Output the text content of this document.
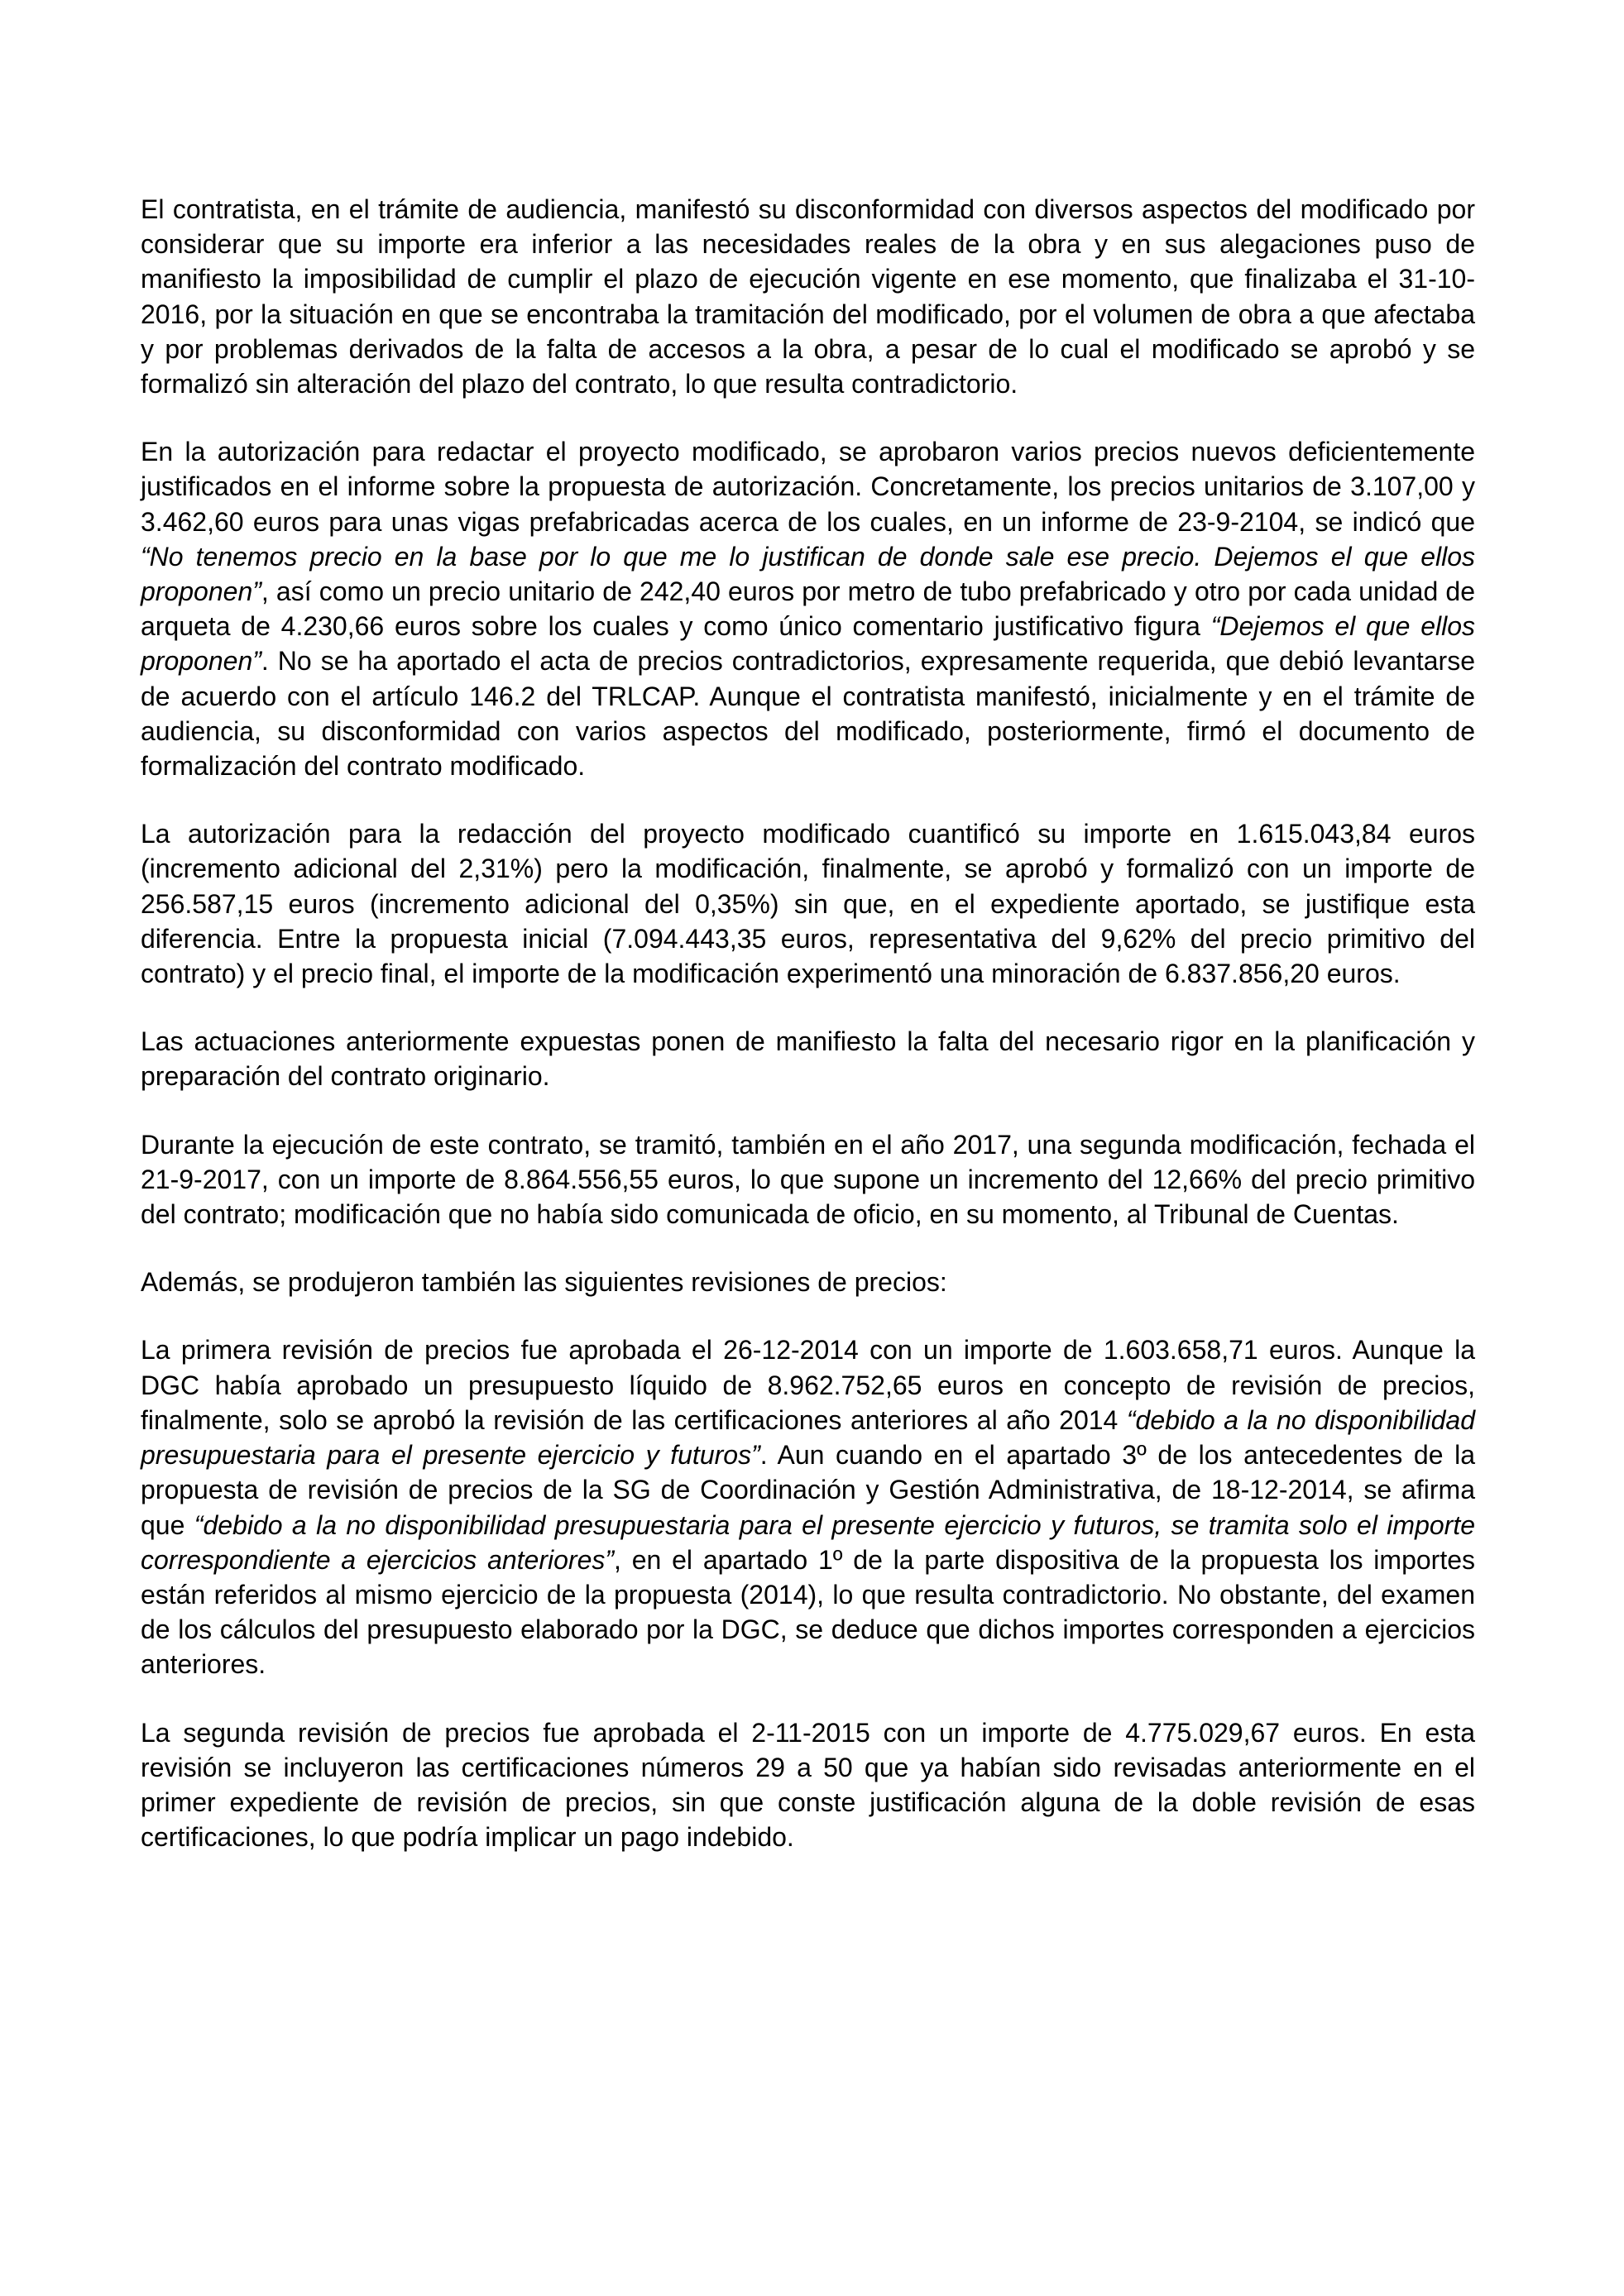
El contratista, en el trámite de audiencia, manifestó su disconformidad con diversos aspectos del modificado por considerar que su importe era inferior a las necesidades reales de la obra y en sus alegaciones puso de manifiesto la imposibilidad de cumplir el plazo de ejecución vigente en ese momento, que finalizaba el 31-10-2016, por la situación en que se encontraba la tramitación del modificado, por el volumen de obra a que afectaba y por problemas derivados de la falta de accesos a la obra, a pesar de lo cual el modificado se aprobó y se formalizó sin alteración del plazo del contrato, lo que resulta contradictorio.

En la autorización para redactar el proyecto modificado, se aprobaron varios precios nuevos deficientemente justificados en el informe sobre la propuesta de autorización. Concretamente, los precios unitarios de 3.107,00 y 3.462,60 euros para unas vigas prefabricadas acerca de los cuales, en un informe de 23-9-2104, se indicó que “No tenemos precio en la base por lo que me lo justifican de donde sale ese precio. Dejemos el que ellos proponen”, así como un precio unitario de 242,40 euros por metro de tubo prefabricado y otro por cada unidad de arqueta de 4.230,66 euros sobre los cuales y como único comentario justificativo figura “Dejemos el que ellos proponen”. No se ha aportado el acta de precios contradictorios, expresamente requerida, que debió levantarse de acuerdo con el artículo 146.2 del TRLCAP. Aunque el contratista manifestó, inicialmente y en el trámite de audiencia, su disconformidad con varios aspectos del modificado, posteriormente, firmó el documento de formalización del contrato modificado.

La autorización para la redacción del proyecto modificado cuantificó su importe en 1.615.043,84 euros (incremento adicional del 2,31%) pero la modificación, finalmente, se aprobó y formalizó con un importe de 256.587,15 euros (incremento adicional del 0,35%) sin que, en el expediente aportado, se justifique esta diferencia. Entre la propuesta inicial (7.094.443,35 euros, representativa del 9,62% del precio primitivo del contrato) y el precio final, el importe de la modificación experimentó una minoración de 6.837.856,20 euros.

Las actuaciones anteriormente expuestas ponen de manifiesto la falta del necesario rigor en la planificación y preparación del contrato originario.

Durante la ejecución de este contrato, se tramitó, también en el año 2017, una segunda modificación, fechada el 21-9-2017, con un importe de 8.864.556,55 euros, lo que supone un incremento del 12,66% del precio primitivo del contrato; modificación que no había sido comunicada de oficio, en su momento, al Tribunal de Cuentas.

Además, se produjeron también las siguientes revisiones de precios:

La primera revisión de precios fue aprobada el 26-12-2014 con un importe de 1.603.658,71 euros. Aunque la DGC había aprobado un presupuesto líquido de 8.962.752,65 euros en concepto de revisión de precios, finalmente, solo se aprobó la revisión de las certificaciones anteriores al año 2014 “debido a la no disponibilidad presupuestaria para el presente ejercicio y futuros”. Aun cuando en el apartado 3º de los antecedentes de la propuesta de revisión de precios de la SG de Coordinación y Gestión Administrativa, de 18-12-2014, se afirma que “debido a la no disponibilidad presupuestaria para el presente ejercicio y futuros, se tramita solo el importe correspondiente a ejercicios anteriores”, en el apartado 1º de la parte dispositiva de la propuesta los importes están referidos al mismo ejercicio de la propuesta (2014), lo que resulta contradictorio. No obstante, del examen de los cálculos del presupuesto elaborado por la DGC, se deduce que dichos importes corresponden a ejercicios anteriores.

La segunda revisión de precios fue aprobada el 2-11-2015 con un importe de 4.775.029,67 euros. En esta revisión se incluyeron las certificaciones números 29 a 50 que ya habían sido revisadas anteriormente en el primer expediente de revisión de precios, sin que conste justificación alguna de la doble revisión de esas certificaciones, lo que podría implicar un pago indebido.
